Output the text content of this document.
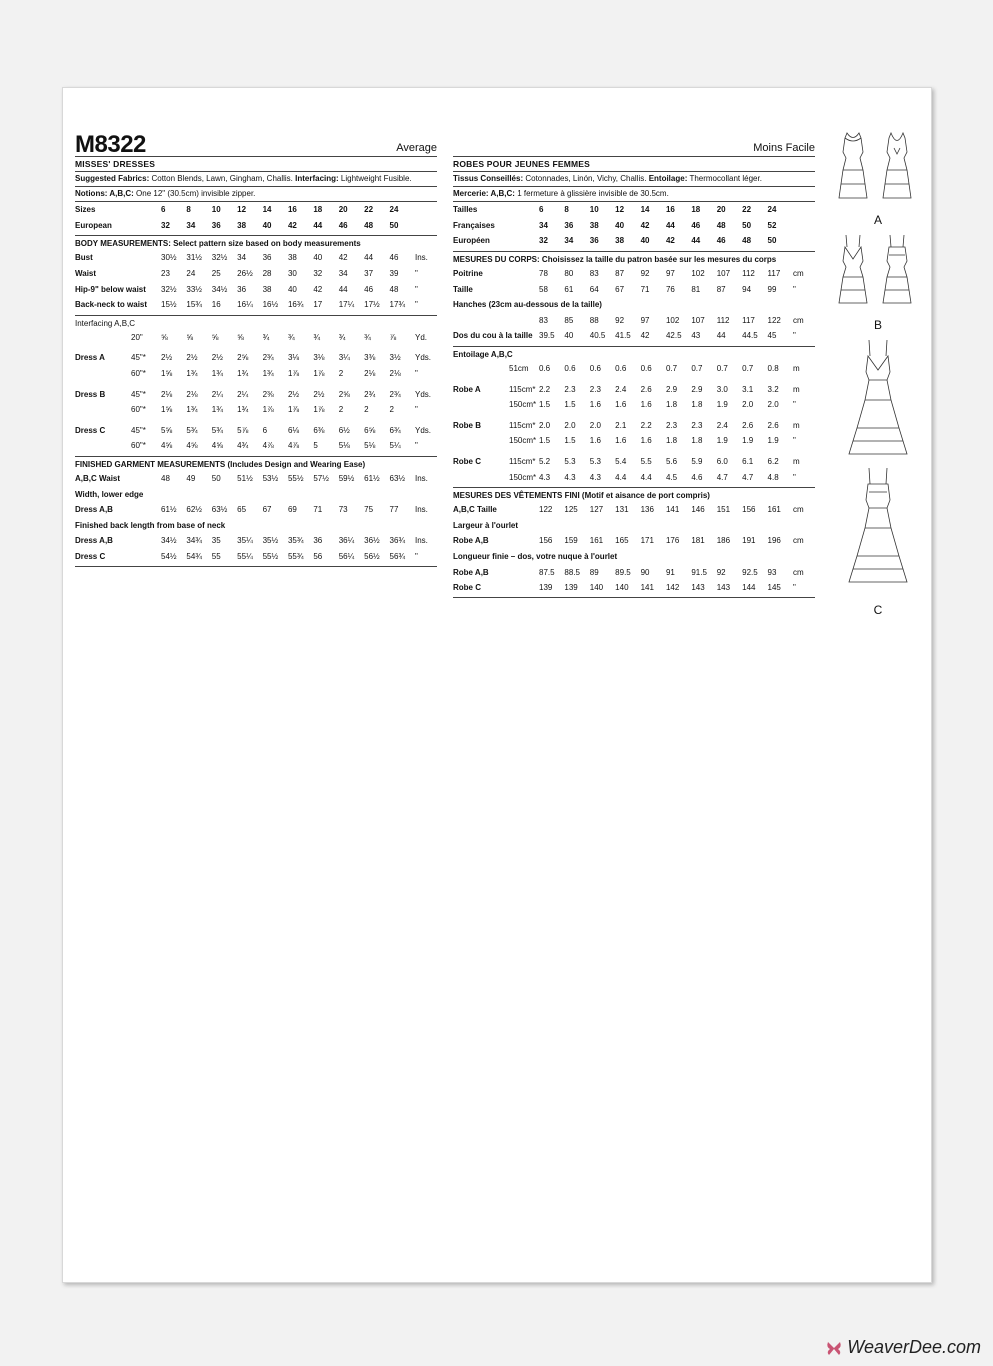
M8322	Average
MISSES' DRESSES
Suggested Fabrics: Cotton Blends, Lawn, Gingham, Challis. Interfacing: Lightweight Fusible.
Notions: A,B,C: One 12" (30.5cm) invisible zipper.
Sizes	6	8	10	12	14	16	18	20	22	24	
European	32	34	36	38	40	42	44	46	48	50	
BODY MEASUREMENTS: Select pattern size based on body measurements
Bust	30½	31½	32½	34	36	38	40	42	44	46	Ins.
Waist	23	24	25	26½	28	30	32	34	37	39	"
Hip-9" below waist	32½	33½	34½	36	38	40	42	44	46	48	"
Back-neck to waist	15½	15¾	16	16¼	16½	16¾	17	17¼	17½	17¾	"
Interfacing A,B,C
	20"	⅝	⅝	⅝	⅝	¾	¾	¾	¾	¾	⅞	Yd.

Dress A	45"*	2½	2½	2½	2⅝	2¾	3⅛	3⅛	3¼	3⅜	3½	Yds.
	60"*	1⅝	1¾	1¾	1¾	1¾	1⅞	1⅞	2	2⅛	2⅛	"

Dress B	45"*	2⅛	2⅛	2¼	2¼	2⅜	2½	2½	2⅝	2¾	2¾	Yds.
	60"*	1⅝	1¾	1¾	1¾	1⅞	1⅞	1⅞	2	2	2	"

Dress C	45"*	5⅝	5¾	5¾	5⅞	6	6⅛	6⅜	6½	6⅝	6¾	Yds.
	60"*	4⅝	4⅝	4⅝	4¾	4⅞	4⅞	5	5⅛	5⅛	5¼	"
FINISHED GARMENT MEASUREMENTS (Includes Design and Wearing Ease)
A,B,C Waist	48	49	50	51½	53½	55½	57½	59½	61½	63½	Ins.
Width, lower edge											
Dress A,B	61½	62½	63½	65	67	69	71	73	75	77	Ins.
Finished back length from base of neck											
Dress A,B	34½	34¾	35	35¼	35½	35¾	36	36¼	36½	36¾	Ins.
Dress C	54½	54¾	55	55¼	55½	55¾	56	56¼	56½	56¾	"
Moins Facile
ROBES POUR JEUNES FEMMES
Tissus Conseillés: Cotonnades, Linón, Vichy, Challis. Entoilage: Thermocollant léger.
Mercerie: A,B,C: 1 fermeture à glissière invisible de 30.5cm.
Tailles	6	8	10	12	14	16	18	20	22	24	
Françaises	34	36	38	40	42	44	46	48	50	52	
Européen	32	34	36	38	40	42	44	46	48	50	
MESURES DU CORPS: Choisissez la taille du patron basée sur les mesures du corps
Poitrine	78	80	83	87	92	97	102	107	112	117	cm
Taille	58	61	64	67	71	76	81	87	94	99	"
Hanches (23cm au-dessous de la taille)											
	83	85	88	92	97	102	107	112	117	122	cm
Dos du cou à la taille	39.5	40	40.5	41.5	42	42.5	43	44	44.5	45	"
Entoilage A,B,C
	51cm	0.6	0.6	0.6	0.6	0.6	0.7	0.7	0.7	0.7	0.8	m

Robe A	115cm*	2.2	2.3	2.3	2.4	2.6	2.9	2.9	3.0	3.1	3.2	m
	150cm*	1.5	1.5	1.6	1.6	1.6	1.8	1.8	1.9	2.0	2.0	"

Robe B	115cm*	2.0	2.0	2.0	2.1	2.2	2.3	2.3	2.4	2.6	2.6	m
	150cm*	1.5	1.5	1.6	1.6	1.6	1.8	1.8	1.9	1.9	1.9	"

Robe C	115cm*	5.2	5.3	5.3	5.4	5.5	5.6	5.9	6.0	6.1	6.2	m
	150cm*	4.3	4.3	4.3	4.4	4.4	4.5	4.6	4.7	4.7	4.8	"
MESURES DES VÊTEMENTS FINI (Motif et aisance de port compris)
A,B,C Taille	122	125	127	131	136	141	146	151	156	161	cm
Largeur à l'ourlet											
Robe A,B	156	159	161	165	171	176	181	186	191	196	cm
Longueur finie – dos, votre nuque à l'ourlet											
Robe A,B	87.5	88.5	89	89.5	90	91	91.5	92	92.5	93	cm
Robe C	139	139	140	140	141	142	143	143	144	145	"
A
B
C
WeaverDee.com
